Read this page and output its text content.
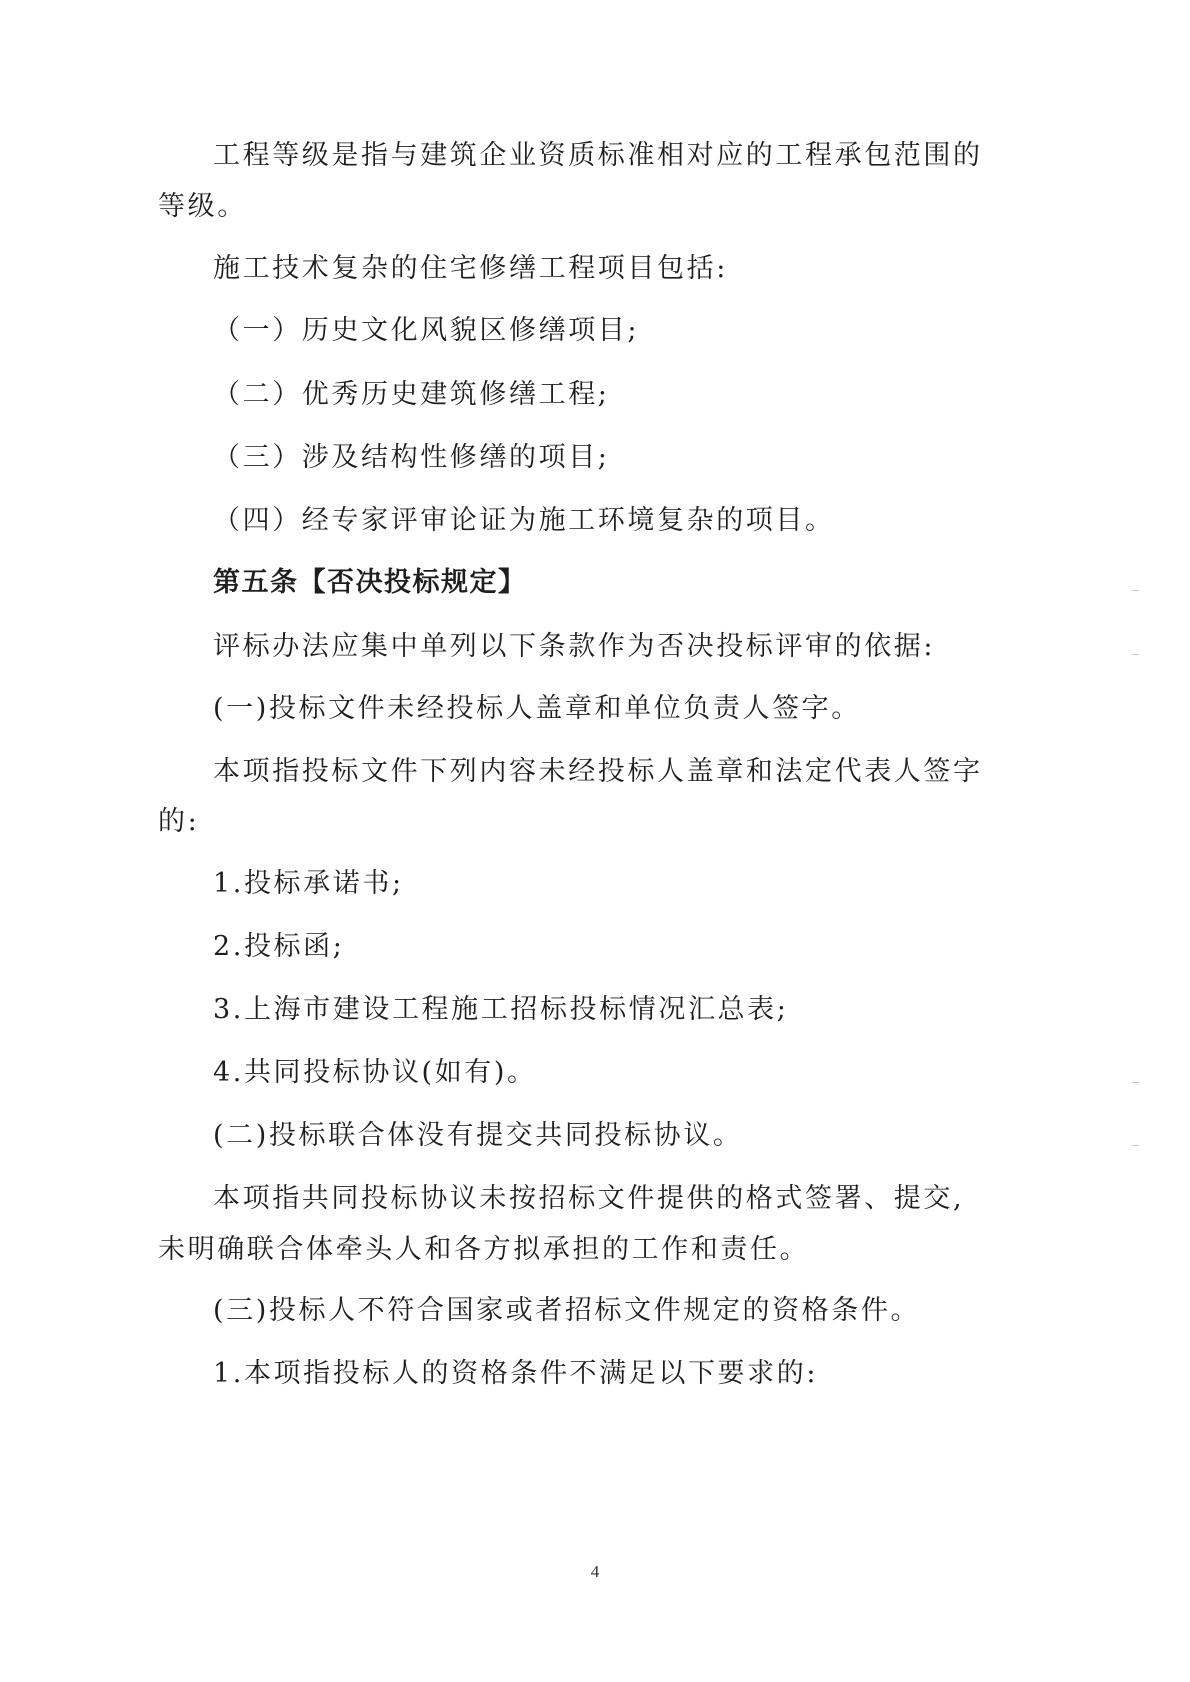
工程等级是指与建筑企业资质标准相对应的工程承包范围的
等级。
施工技术复杂的住宅修缮工程项目包括:
（一）历史文化风貌区修缮项目;
（二）优秀历史建筑修缮工程;
（三）涉及结构性修缮的项目;
（四）经专家评审论证为施工环境复杂的项目。
第五条【否决投标规定】
评标办法应集中单列以下条款作为否决投标评审的依据:
(一)投标文件未经投标人盖章和单位负责人签字。
本项指投标文件下列内容未经投标人盖章和法定代表人签字
的:
1.投标承诺书;
2.投标函;
3.上海市建设工程施工招标投标情况汇总表;
4.共同投标协议(如有)。
(二)投标联合体没有提交共同投标协议。
本项指共同投标协议未按招标文件提供的格式签署、提交,
未明确联合体牵头人和各方拟承担的工作和责任。
(三)投标人不符合国家或者招标文件规定的资格条件。
1.本项指投标人的资格条件不满足以下要求的:
4
